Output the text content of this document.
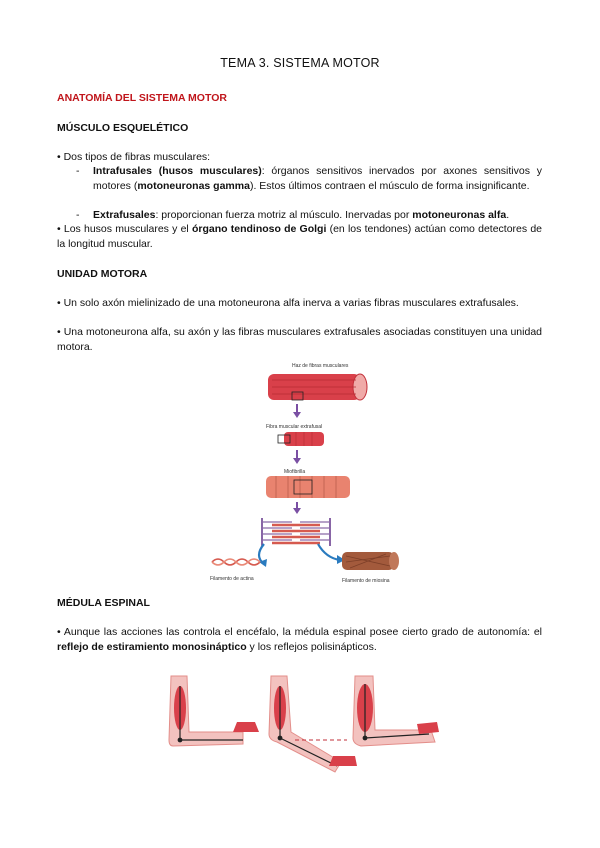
TEMA 3. SISTEMA MOTOR
ANATOMÍA DEL SISTEMA MOTOR
MÚSCULO ESQUELÉTICO
• Dos tipos de fibras musculares:
- Intrafusales (husos musculares): órganos sensitivos inervados por axones sensitivos y motores (motoneuronas gamma). Estos últimos contraen el músculo de forma insignificante.
- Extrafusales: proporcionan fuerza motriz al músculo. Inervadas por motoneuronas alfa.
• Los husos musculares y el órgano tendinoso de Golgi (en los tendones) actúan como detectores de la longitud muscular.
UNIDAD MOTORA
• Un solo axón mielinizado de una motoneurona alfa inerva a varias fibras musculares extrafusales.
• Una motoneurona alfa, su axón y las fibras musculares extrafusales asociadas constituyen una unidad motora.
Haz de fibras musculares
Fibra muscular extrafusal
Miofibrilla
Filamento de actina	Filamento de miosina
MÉDULA ESPINAL
• Aunque las acciones las controla el encéfalo, la médula espinal posee cierto grado de autonomía: el reflejo de estiramiento monosináptico y los reflejos polisinápticos.
